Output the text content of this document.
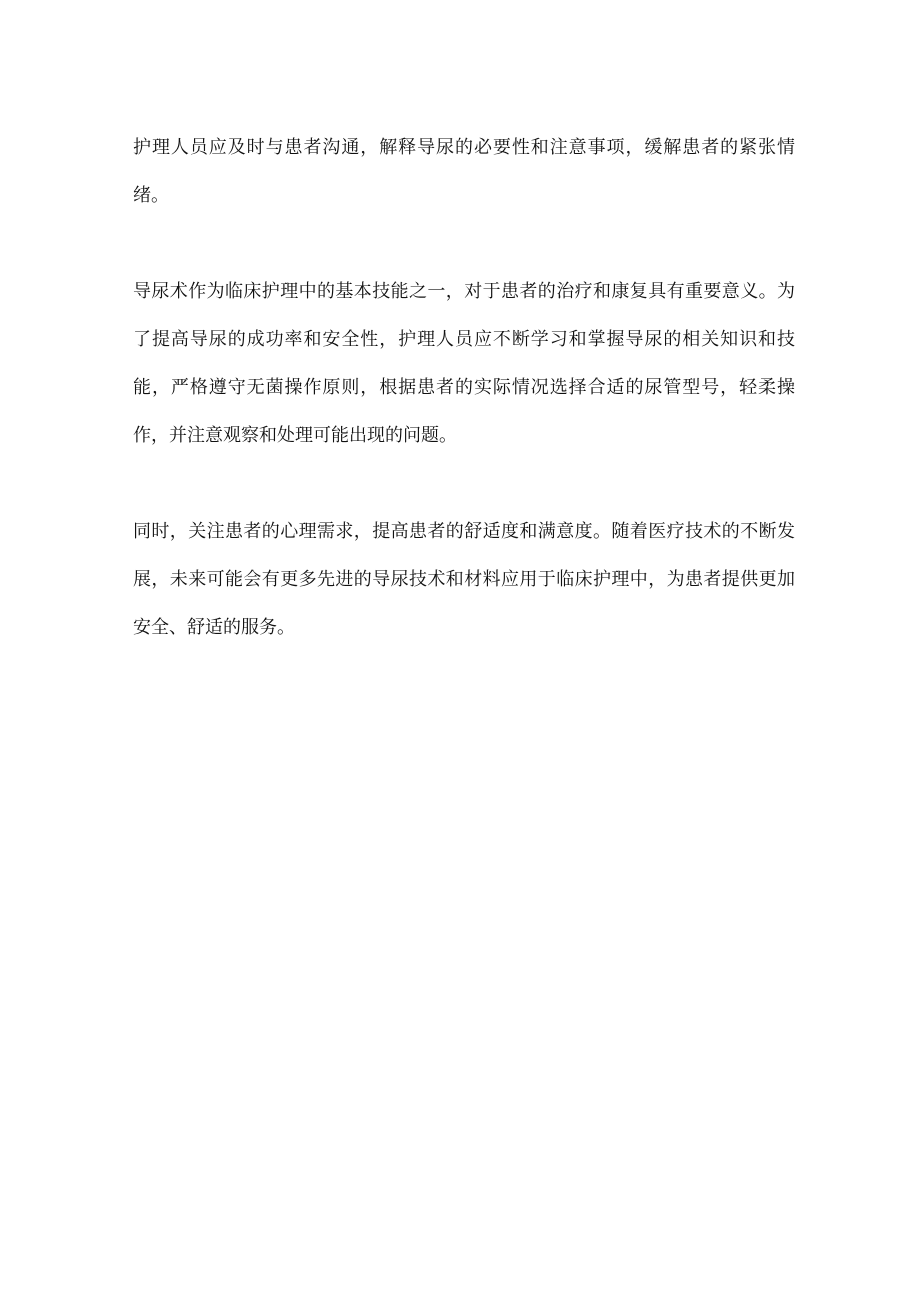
护理人员应及时与患者沟通，解释导尿的必要性和注意事项，缓解患者的紧张情绪。

导尿术作为临床护理中的基本技能之一，对于患者的治疗和康复具有重要意义。为了提高导尿的成功率和安全性，护理人员应不断学习和掌握导尿的相关知识和技能，严格遵守无菌操作原则，根据患者的实际情况选择合适的尿管型号，轻柔操作，并注意观察和处理可能出现的问题。

同时，关注患者的心理需求，提高患者的舒适度和满意度。随着医疗技术的不断发展，未来可能会有更多先进的导尿技术和材料应用于临床护理中，为患者提供更加安全、舒适的服务。
